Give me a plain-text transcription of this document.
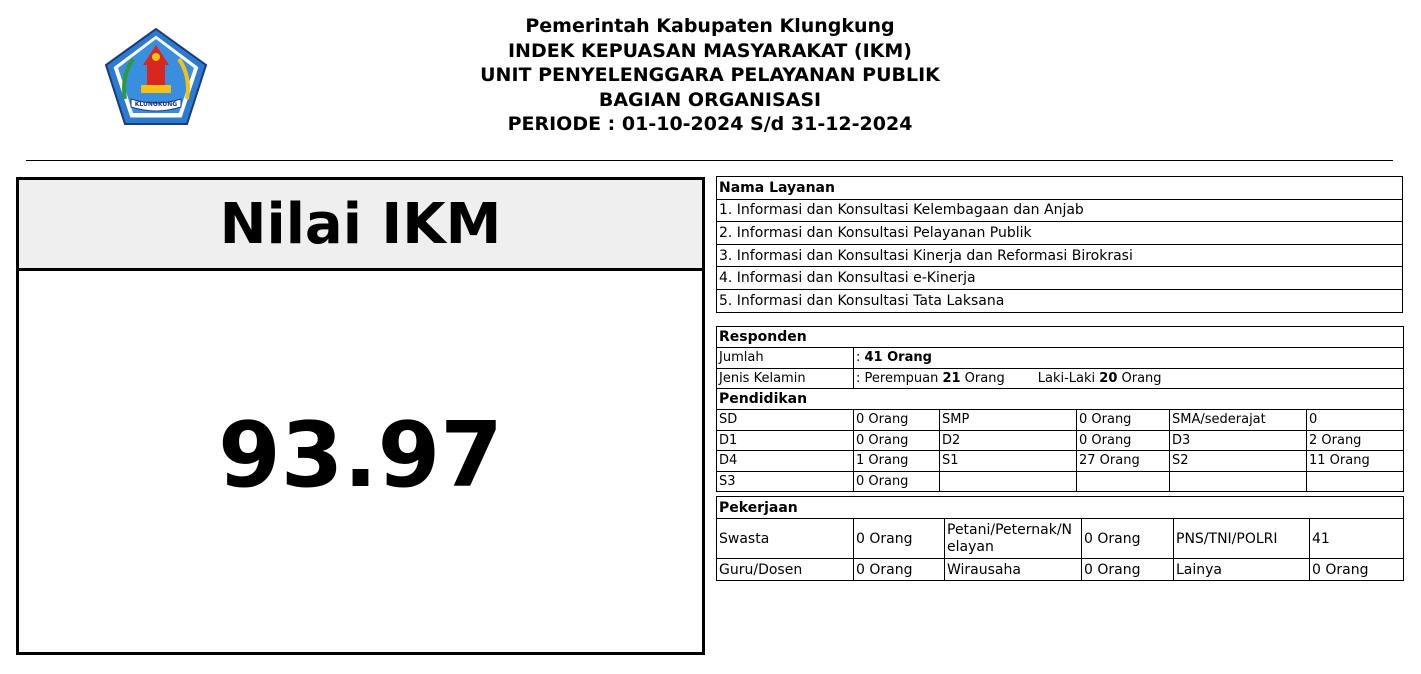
KLUNGKUNG
Pemerintah Kabupaten Klungkung
INDEK KEPUASAN MASYARAKAT (IKM)
UNIT PENYELENGGARA PELAYANAN PUBLIK
BAGIAN ORGANISASI
PERIODE : 01-10-2024 S/d 31-12-2024
Nilai IKM
93.97
Nama Layanan
1. Informasi dan Konsultasi Kelembagaan dan Anjab
2. Informasi dan Konsultasi Pelayanan Publik
3. Informasi dan Konsultasi Kinerja dan Reformasi Birokrasi
4. Informasi dan Konsultasi e-Kinerja
5. Informasi dan Konsultasi Tata Laksana
Responden					
Jumlah	: 41 Orang				
Jenis Kelamin	: Perempuan 21 Orang        Laki-Laki 20 Orang				
Pendidikan					
SD	0 Orang	SMP	0 Orang	SMA/sederajat	0
D1	0 Orang	D2	0 Orang	D3	2 Orang
D4	1 Orang	S1	27 Orang	S2	11 Orang
S3	0 Orang				
Pekerjaan					
Swasta	0 Orang	Petani/Peternak/Nelayan	0 Orang	PNS/TNI/POLRI	41
Guru/Dosen	0 Orang	Wirausaha	0 Orang	Lainya	0 Orang
